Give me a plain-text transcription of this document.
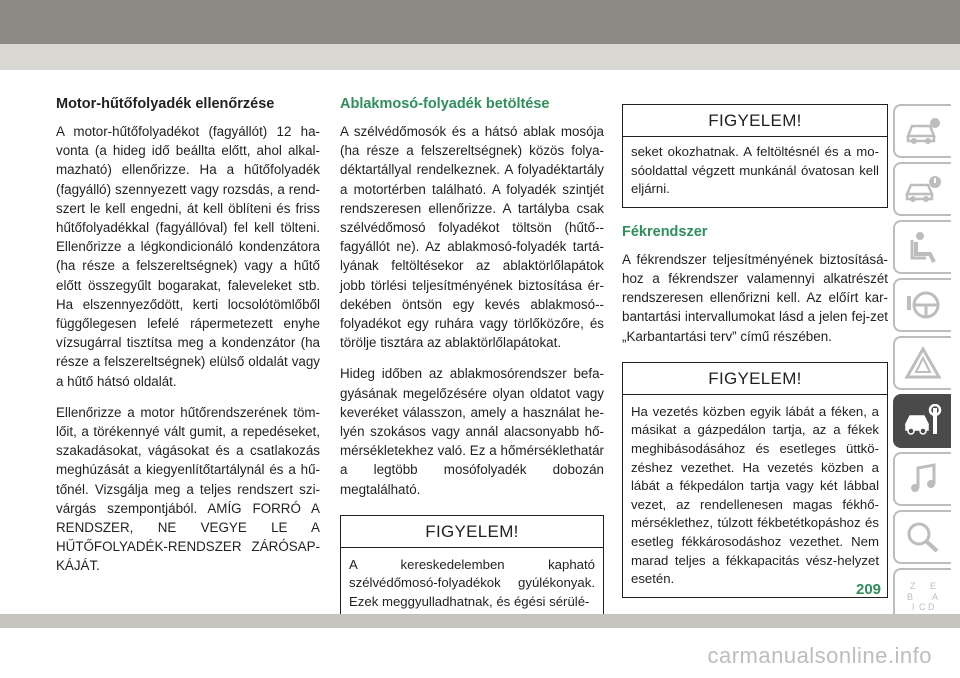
Motor-hűtőfolyadék ellenőrzése

A motor-hűtőfolyadékot (fagyállót) 12 ha-vonta (a hideg idő beállta előtt, ahol alkal-mazható) ellenőrizze. Ha a hűtőfolyadék (fagyálló) szennyezett vagy rozsdás, a rend-szert le kell engedni, át kell öblíteni és friss hűtőfolyadékkal (fagyállóval) fel kell tölteni. Ellenőrizze a légkondicionáló kondenzátora (ha része a felszereltségnek) vagy a hűtő előtt összegyűlt bogarakat, faleveleket stb. Ha elszennyeződött, kerti locsolótömlőből függőlegesen lefelé rápermetezett enyhe vízsugárral tisztítsa meg a kondenzátor (ha része a felszereltségnek) elülső oldalát vagy a hűtő hátsó oldalát.

Ellenőrizze a motor hűtőrendszerének töm-lőit, a törékennyé vált gumit, a repedéseket, szakadásokat, vágásokat és a csatlakozás meghúzását a kiegyenlítőtartálynál és a hű-tőnél. Vizsgálja meg a teljes rendszert szi-várgás szempontjából. AMÍG FORRÓ A RENDSZER, NE VEGYE LE A HŰTŐFOLYADÉK-RENDSZER ZÁRÓSAP-KÁJÁT.

Ablakmosó-folyadék betöltése

A szélvédőmosók és a hátsó ablak mosója (ha része a felszereltségnek) közös folya-déktartállyal rendelkeznek. A folyadéktartály a motortérben található. A folyadék szintjét rendszeresen ellenőrizze. A tartályba csak szélvédőmosó folyadékot töltsön (hűtő--fagyállót ne). Az ablakmosó-folyadék tartá-lyának feltöltésekor az ablaktörlőlapátok jobb törlési teljesítményének biztosítása ér-dekében öntsön egy kevés ablakmosó--folyadékot egy ruhára vagy törlőközőre, és törölje tisztára az ablaktörlőlapátokat.

Hideg időben az ablakmosórendszer befa-gyásának megelőzésére olyan oldatot vagy keveréket válasszon, amely a használat he-lyén szokásos vagy annál alacsonyabb hő-mérsékletekhez való. Ez a hőmérséklethatár a legtöbb mosófolyadék dobozán megtalálható.

FIGYELEM!
A kereskedelemben kapható szélvédőmosó-folyadékok gyúlékonyak. Ezek meggyulladhatnak, és égési sérülé-
FIGYELEM!
seket okozhatnak. A feltöltésnél és a mo-sóoldattal végzett munkánál óvatosan kell eljárni.
Fékrendszer

A fékrendszer teljesítményének biztosításá-hoz a fékrendszer valamennyi alkatrészét rendszeresen ellenőrizni kell. Az előírt kar-bantartási intervallumokat lásd a jelen fej-zet „Karbantartási terv” című részében.

FIGYELEM!
Ha vezetés közben egyik lábát a féken, a másikat a gázpedálon tartja, az a fékek meghibásodásához és esetleges üttkö-zéshez vezethet. Ha vezetés közben a lábát a fékpedálon tartja vagy két lábbal vezet, az rendellenesen magas fékhő-mérséklethez, túlzott fékbetétkopáshoz és esetleg fékkárosodáshoz vezethet. Nem marad teljes a fékkapacitás vész-helyzet esetén.	Z E
B A
I C D
209
carmanualsonline.info
